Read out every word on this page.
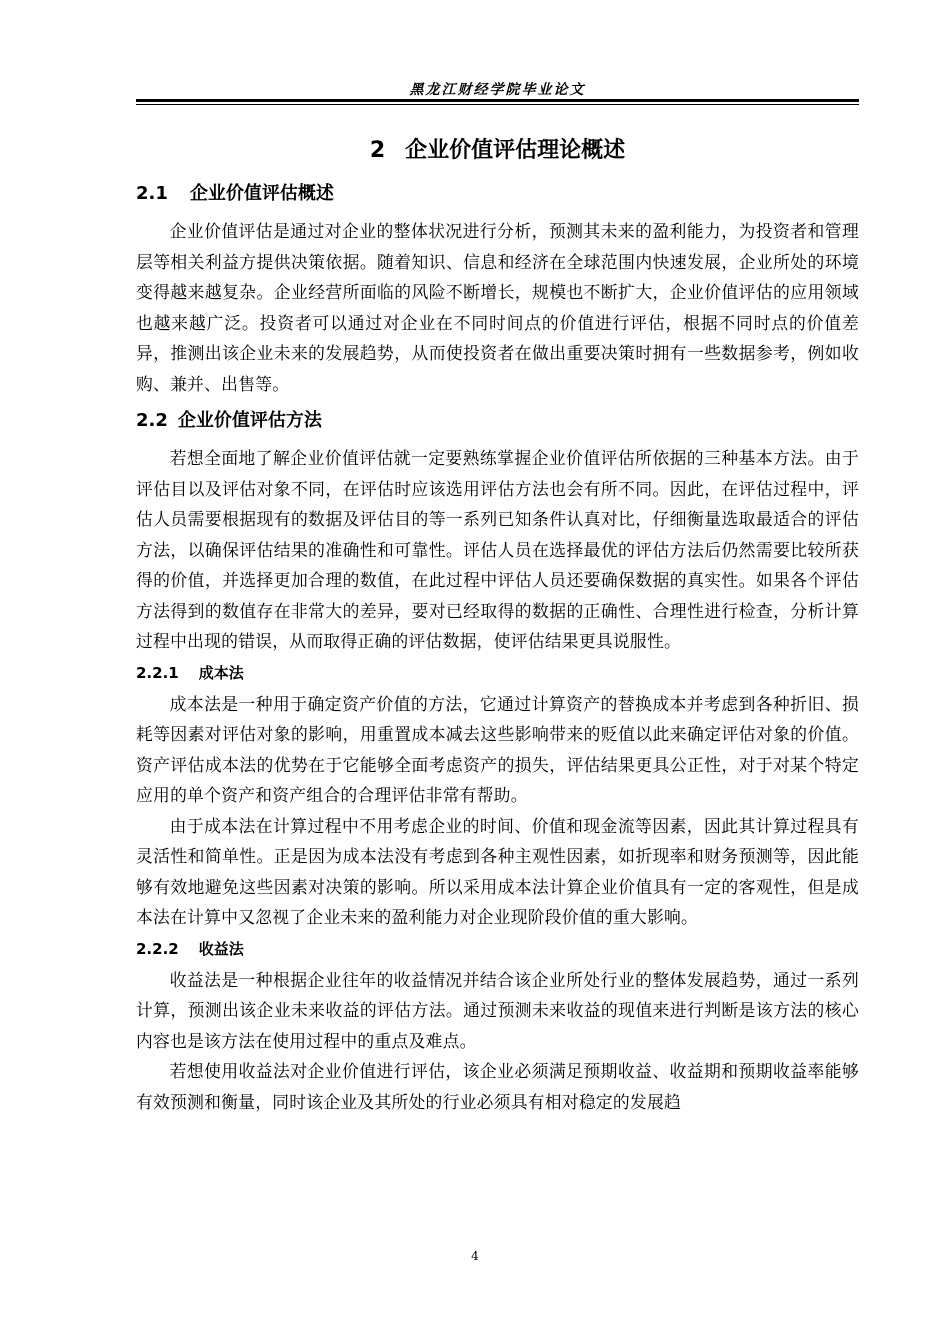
黑龙江财经学院毕业论文
2 企业价值评估理论概述
2.1 企业价值评估概述

企业价值评估是通过对企业的整体状况进行分析，预测其未来的盈利能力，为投资者和管理层等相关利益方提供决策依据。随着知识、信息和经济在全球范围内快速发展，企业所处的环境变得越来越复杂。企业经营所面临的风险不断增长，规模也不断扩大，企业价值评估的应用领域也越来越广泛。投资者可以通过对企业在不同时间点的价值进行评估，根据不同时点的价值差异，推测出该企业未来的发展趋势，从而使投资者在做出重要决策时拥有一些数据参考，例如收购、兼并、出售等。

2.2 企业价值评估方法

若想全面地了解企业价值评估就一定要熟练掌握企业价值评估所依据的三种基本方法。由于评估目以及评估对象不同，在评估时应该选用评估方法也会有所不同。因此，在评估过程中，评估人员需要根据现有的数据及评估目的等一系列已知条件认真对比，仔细衡量选取最适合的评估方法，以确保评估结果的准确性和可靠性。评估人员在选择最优的评估方法后仍然需要比较所获得的价值，并选择更加合理的数值，在此过程中评估人员还要确保数据的真实性。如果各个评估方法得到的数值存在非常大的差异，要对已经取得的数据的正确性、合理性进行检查，分析计算过程中出现的错误，从而取得正确的评估数据，使评估结果更具说服性。

2.2.1 成本法

成本法是一种用于确定资产价值的方法，它通过计算资产的替换成本并考虑到各种折旧、损耗等因素对评估对象的影响，用重置成本减去这些影响带来的贬值以此来确定评估对象的价值。资产评估成本法的优势在于它能够全面考虑资产的损失，评估结果更具公正性，对于对某个特定应用的单个资产和资产组合的合理评估非常有帮助。

由于成本法在计算过程中不用考虑企业的时间、价值和现金流等因素，因此其计算过程具有灵活性和简单性。正是因为成本法没有考虑到各种主观性因素，如折现率和财务预测等，因此能够有效地避免这些因素对决策的影响。所以采用成本法计算企业价值具有一定的客观性，但是成本法在计算中又忽视了企业未来的盈利能力对企业现阶段价值的重大影响。

2.2.2 收益法

收益法是一种根据企业往年的收益情况并结合该企业所处行业的整体发展趋势，通过一系列计算，预测出该企业未来收益的评估方法。通过预测未来收益的现值来进行判断是该方法的核心内容也是该方法在使用过程中的重点及难点。

若想使用收益法对企业价值进行评估，该企业必须满足预期收益、收益期和预期收益率能够有效预测和衡量，同时该企业及其所处的行业必须具有相对稳定的发展趋

4
